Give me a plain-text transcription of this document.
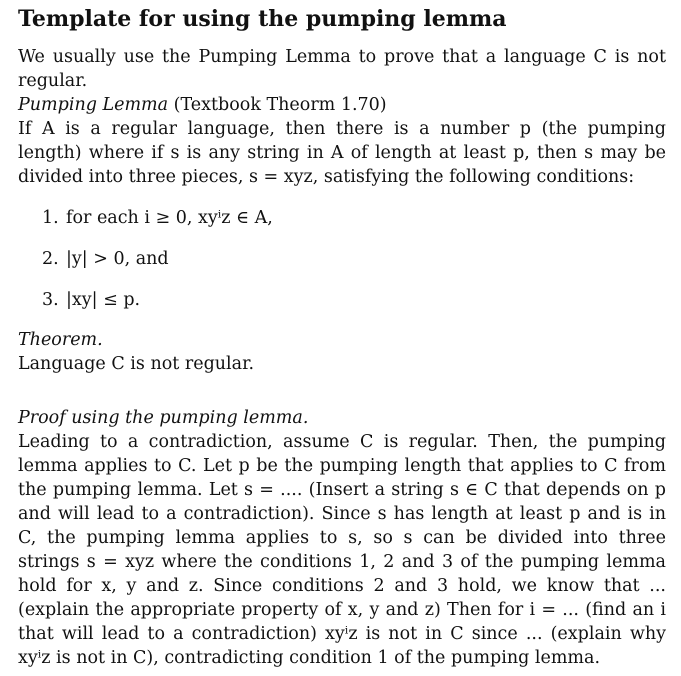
Template for using the pumping lemma

We usually use the Pumping Lemma to prove that a language C is not regular.

Pumping Lemma (Textbook Theorm 1.70)

If A is a regular language, then there is a number p (the pumping length) where if s is any string in A of length at least p, then s may be divided into three pieces, s = xyz, satisfying the following conditions:

1. for each i ≥ 0, xyⁱz ∈ A,
2. |y| > 0, and
3. |xy| ≤ p.

Theorem.

Language C is not regular.

Proof using the pumping lemma.

Leading to a contradiction, assume C is regular. Then, the pumping lemma applies to C. Let p be the pumping length that applies to C from the pumping lemma. Let s = .... (Insert a string s ∈ C that depends on p and will lead to a contradiction). Since s has length at least p and is in C, the pumping lemma applies to s, so s can be divided into three strings s = xyz where the conditions 1, 2 and 3 of the pumping lemma hold for x, y and z. Since conditions 2 and 3 hold, we know that ... (explain the appropriate property of x, y and z) Then for i = ... (find an i that will lead to a contradiction) xyⁱz is not in C since ... (explain why xyⁱz is not in C), contradicting condition 1 of the pumping lemma.
